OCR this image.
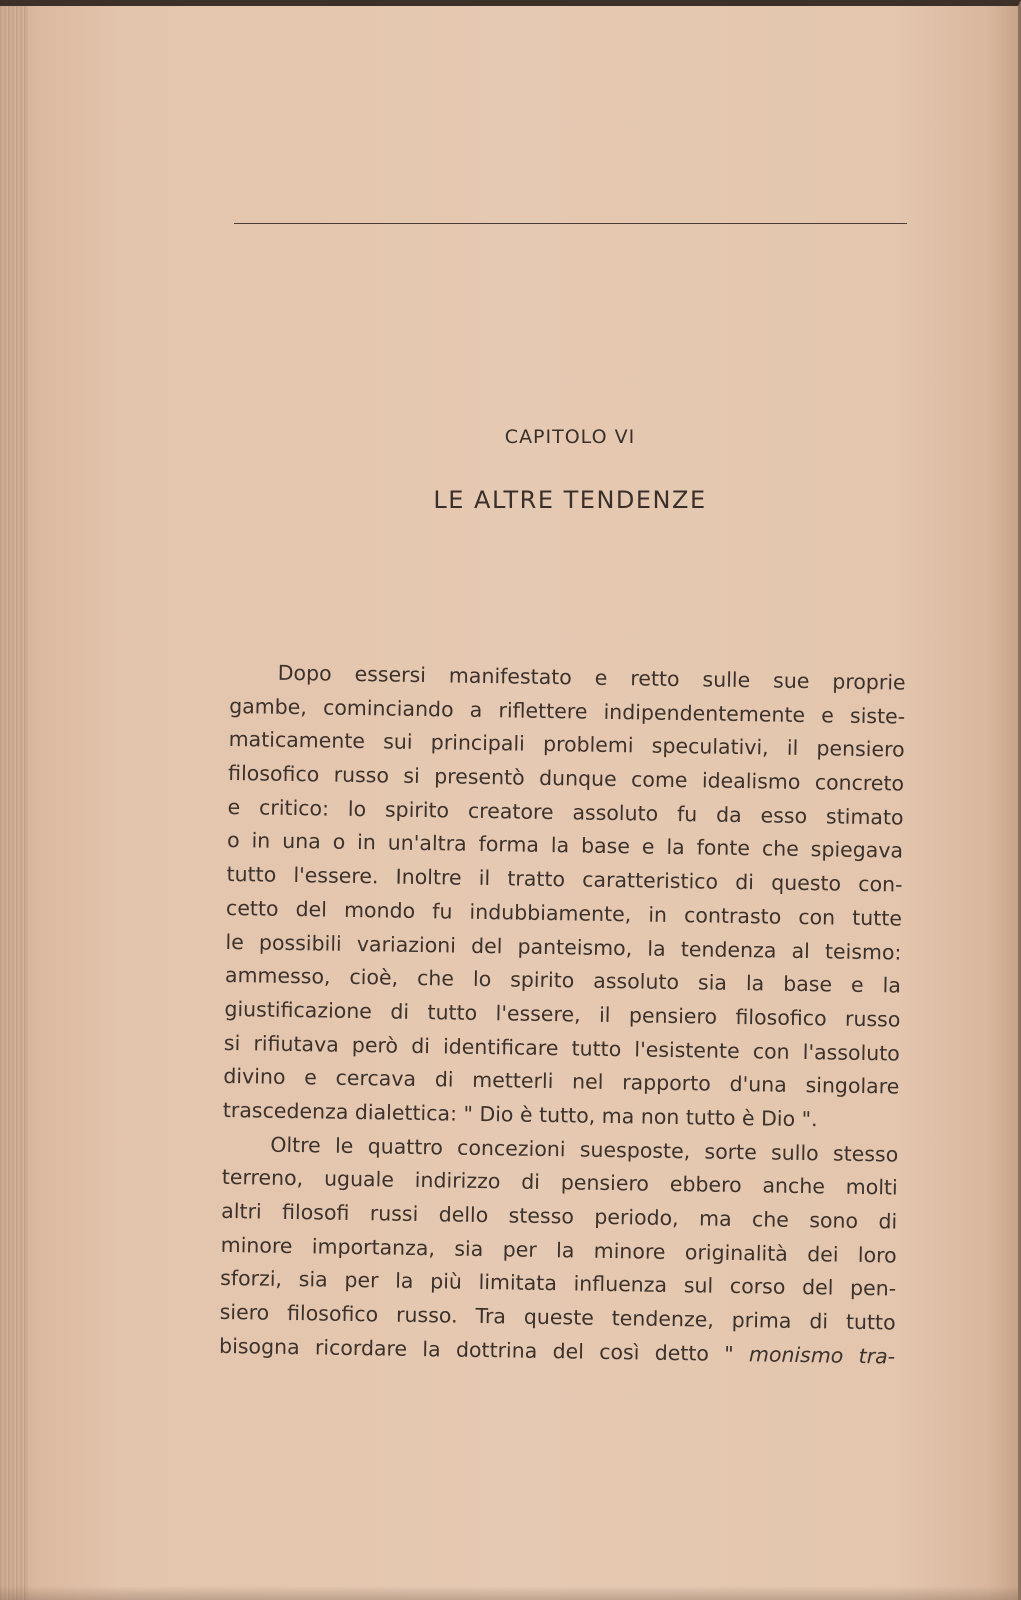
CAPITOLO VI
LE ALTRE TENDENZE
Dopo essersi manifestato e retto sulle sue proprie
gambe, cominciando a riflettere indipendentemente e siste-
maticamente sui principali problemi speculativi, il pensiero
filosofico russo si presentò dunque come idealismo concreto
e critico: lo spirito creatore assoluto fu da esso stimato
o in una o in un'altra forma la base e la fonte che spiegava
tutto l'essere. Inoltre il tratto caratteristico di questo con-
cetto del mondo fu indubbiamente, in contrasto con tutte
le possibili variazioni del panteismo, la tendenza al teismo:
ammesso, cioè, che lo spirito assoluto sia la base e la
giustificazione di tutto l'essere, il pensiero filosofico russo
si rifiutava però di identificare tutto l'esistente con l'assoluto
divino e cercava di metterli nel rapporto d'una singolare
trascedenza dialettica: " Dio è tutto, ma non tutto è Dio ".
Oltre le quattro concezioni suesposte, sorte sullo stesso
terreno, uguale indirizzo di pensiero ebbero anche molti
altri filosofi russi dello stesso periodo, ma che sono di
minore importanza, sia per la minore originalità dei loro
sforzi, sia per la più limitata influenza sul corso del pen-
siero filosofico russo. Tra queste tendenze, prima di tutto
bisogna ricordare la dottrina del così detto " monismo tra-
